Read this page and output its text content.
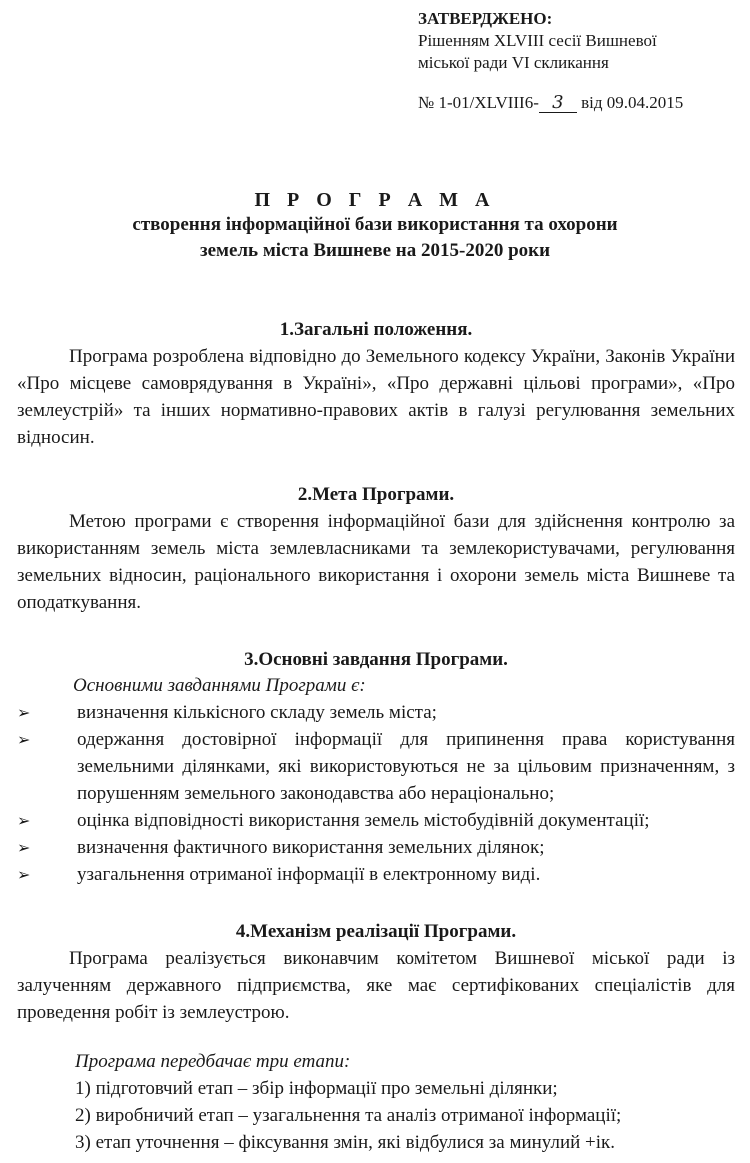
ЗАТВЕРДЖЕНО:
Рішенням XLVIII сесії Вишневої
міської ради VI скликання
№ 1-01/XLVIII6- 3 від 09.04.2015
П Р О Г Р А М А
створення інформаційної бази використання та охорони
земель міста Вишневе на 2015-2020 роки
1.Загальні положення.

Програма розроблена відповідно до Земельного кодексу України, Законів України «Про місцеве самоврядування в Україні», «Про державні цільові програми», «Про землеустрій» та інших нормативно-правових актів в галузі регулювання земельних відносин.

2.Мета Програми.

Метою програми є створення інформаційної бази для здійснення контролю за використанням земель міста землевласниками та землекористувачами, регулювання земельних відносин, раціонального використання і охорони земель міста Вишневе та оподаткування.

3.Основні завдання Програми.

Основними завданнями Програми є:

➢	визначення кількісного складу земель міста;
➢	одержання достовірної інформації для припинення права користування земельними ділянками, які використовуються не за цільовим призначенням, з порушенням земельного законодавства або нераціонально;
➢	оцінка відповідності використання земель містобудівній документації;
➢	визначення фактичного використання земельних ділянок;
➢	узагальнення отриманої інформації в електронному виді.
4.Механізм реалізації Програми.

Програма реалізується виконавчим комітетом Вишневої міської ради із залученням державного підприємства, яке має сертифікованих спеціалістів для проведення робіт із землеустрою.

Програма передбачає три етапи:

1) підготовчий етап – збір інформації про земельні ділянки;
2) виробничий етап – узагальнення та аналіз отриманої інформації;
3) етап уточнення – фіксування змін, які відбулися за минулий +ік.
